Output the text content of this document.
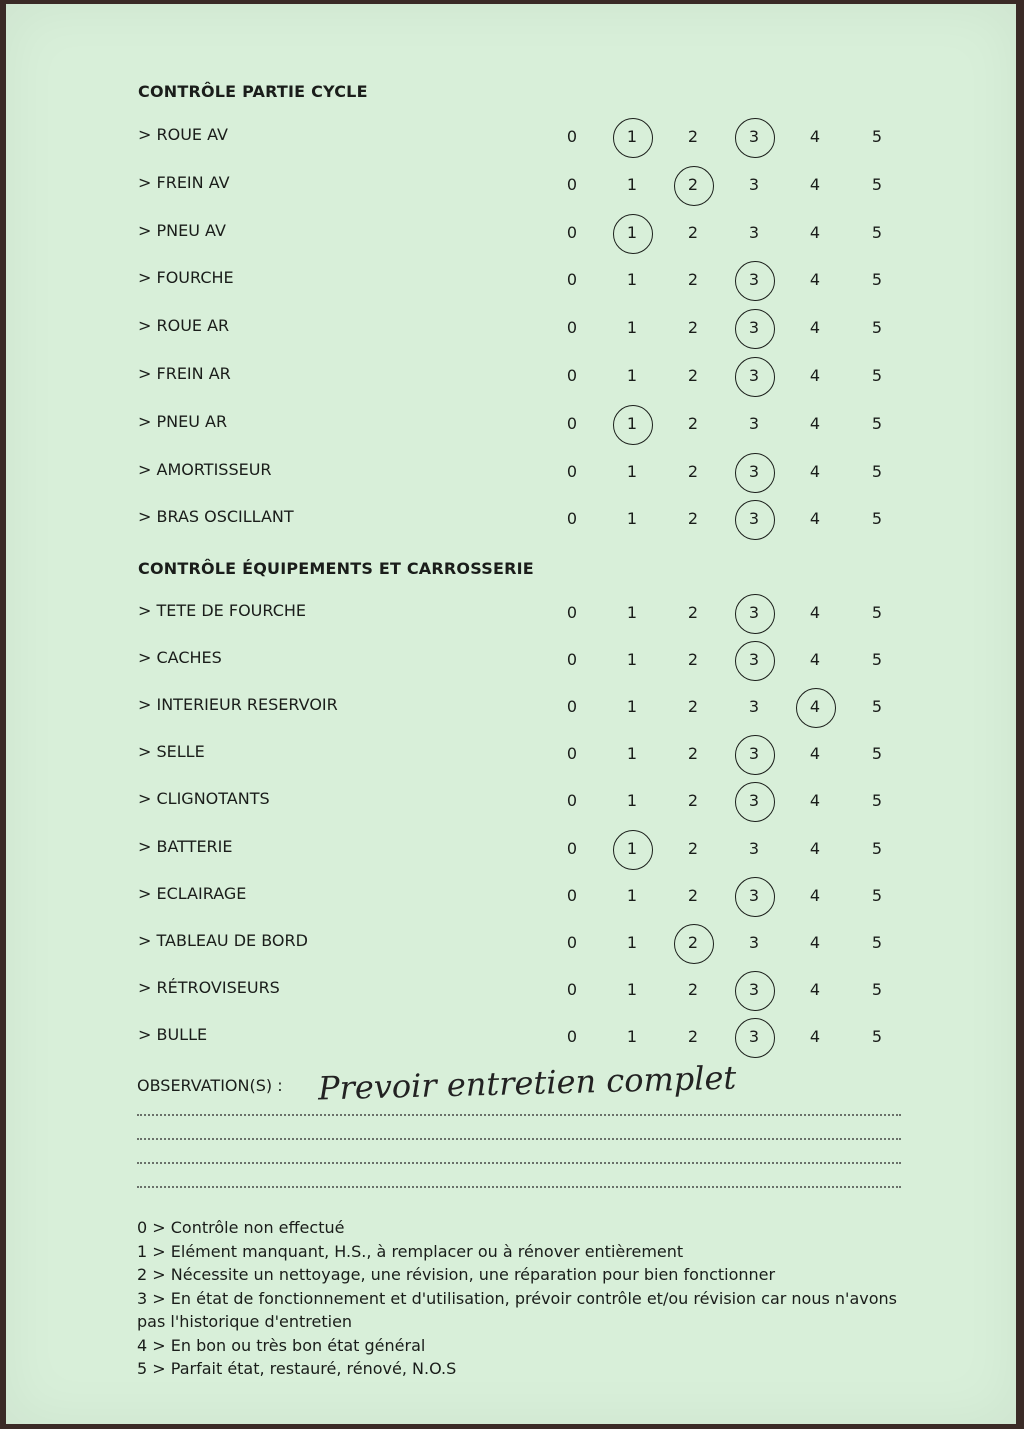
CONTRÔLE PARTIE CYCLE
> ROUE AV	0	1	2	3	4	5
> FREIN AV	0	1	2	3	4	5
> PNEU AV	0	1	2	3	4	5
> FOURCHE	0	1	2	3	4	5
> ROUE AR	0	1	2	3	4	5
> FREIN AR	0	1	2	3	4	5
> PNEU AR	0	1	2	3	4	5
> AMORTISSEUR	0	1	2	3	4	5
> BRAS OSCILLANT	0	1	2	3	4	5
CONTRÔLE ÉQUIPEMENTS ET CARROSSERIE
> TETE DE FOURCHE	0	1	2	3	4	5
> CACHES	0	1	2	3	4	5
> INTERIEUR RESERVOIR	0	1	2	3	4	5
> SELLE	0	1	2	3	4	5
> CLIGNOTANTS	0	1	2	3	4	5
> BATTERIE	0	1	2	3	4	5
> ECLAIRAGE	0	1	2	3	4	5
> TABLEAU DE BORD	0	1	2	3	4	5
> RÉTROVISEURS	0	1	2	3	4	5
> BULLE	0	1	2	3	4	5
OBSERVATION(S) : Prevoir entretien complet
0 > Contrôle non effectué
1 > Elément manquant, H.S., à remplacer ou à rénover entièrement
2 > Nécessite un nettoyage, une révision, une réparation pour bien fonctionner
3 > En état de fonctionnement et d'utilisation, prévoir contrôle et/ou révision car nous n'avons pas l'historique d'entretien
4 > En bon ou très bon état général
5 > Parfait état, restauré, rénové, N.O.S
